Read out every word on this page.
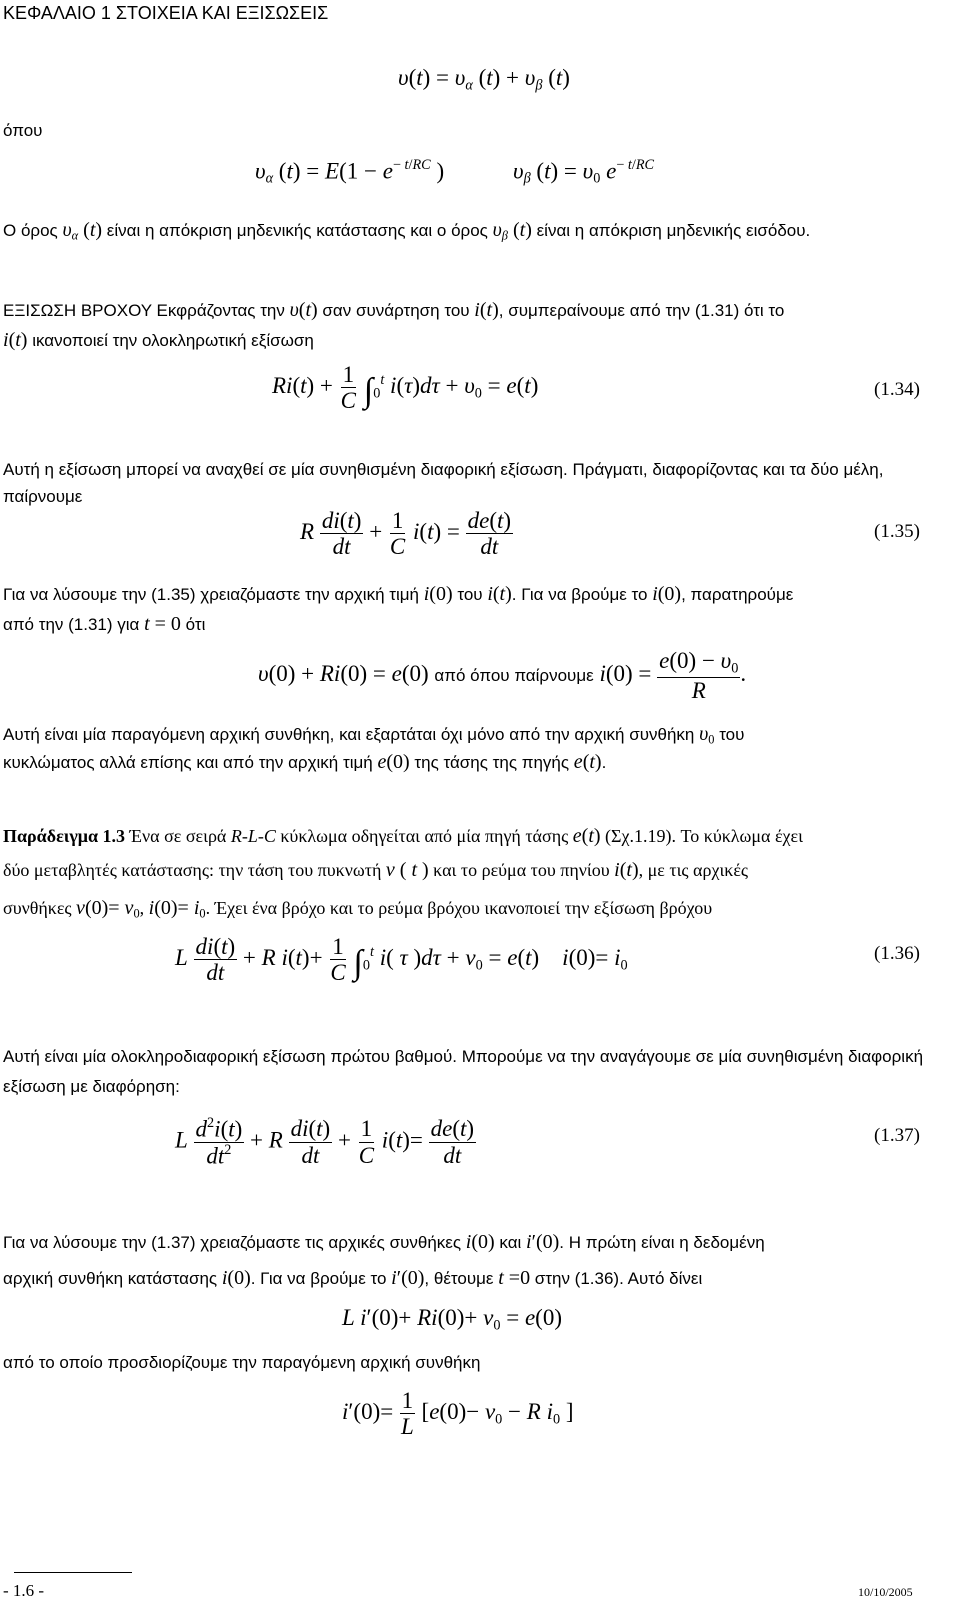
ΚΕΦΑΛΑΙΟ 1 ΣΤΟΙΧΕΙΑ ΚΑΙ ΕΞΙΣΩΣΕΙΣ
$\upsilon(t) = \upsilon_\alpha$ $(t) + \upsilon_\beta$ (t)
όπου
$\upsilon_\alpha$ $(t) = E(1 - e^{- t/RC}$ )	$\upsilon_\beta$ $(t) = \upsilon_0$ $e^{- t/RC}$
Ο όρος $\upsilon_\alpha$ (t) είναι η απόκριση μηδενικής κατάστασης και ο όρος $\upsilon_\beta$ (t) είναι η απόκριση μηδενικής εισόδου.
ΕΞΙΣΩΣΗ ΒΡΟΧΟΥ Εκφράζοντας την υ(t) σαν συνάρτηση του i(t), συμπεραίνουμε από την (1.31) ότι το
i(t) ικανοποιεί την ολοκληρωτική εξίσωση
$Ri(t) + \frac{1}{C} \int_0^t$ $i(\tau)d\tau + \upsilon_0 = e(t)$	(1.34)
Αυτή η εξίσωση μπορεί να αναχθεί σε μία συνηθισμένη διαφορική εξίσωση. Πράγματι, διαφορίζοντας και τα δύο μέλη, παίρνουμε
R $\frac{di(t)}{dt} + \frac{1}{C} i(t) = \frac{de(t)}{dt}$	(1.35)
Για να λύσουμε την (1.35) χρειαζόμαστε την αρχική τιμή i(0) του i(t). Για να βρούμε το i(0), παρατηρούμε
από την (1.31) για t = 0 ότι
υ(0) + Ri(0) = e(0) από όπου παίρνουμε $i(0) = \frac{e(0) - \upsilon_0}{R}$ .
Αυτή είναι μία παραγόμενη αρχική συνθήκη, και εξαρτάται όχι μόνο από την αρχική συνθήκη $\upsilon_0$ του
κυκλώματος αλλά επίσης και από την αρχική τιμή e(0) της τάσης της πηγής e(t).
Παράδειγμα 1.3 Ένα σε σειρά R-L-C κύκλωμα οδηγείται από μία πηγή τάσης e(t) (Σχ.1.19). Το κύκλωμα έχει
δύο μεταβλητές κατάστασης: την τάση του πυκνωτή v ( t ) και το ρεύμα του πηνίου i(t), με τις αρχικές
συνθήκες $v(0)= v_0$, $i(0)= i_0$. Έχει ένα βρόχο και το ρεύμα βρόχου ικανοποιεί την εξίσωση βρόχου
L $\frac{di(t)}{dt} + R$ $i(t)+ \frac{1}{C} \int_0^t$ i( τ )$d\tau + v_0 = e(t)$    $i(0)= i_0$
(1.36)
Αυτή είναι μία ολοκληροδιαφορική εξίσωση πρώτου βαθμού. Μπορούμε να την αναγάγουμε σε μία συνηθισμένη διαφορική εξίσωση με διαφόρηση:
L $\frac{d^2i(t)}{dt^2} + R \frac{di(t)}{dt} + \frac{1}{C} i(t)= \frac{de(t)}{dt}$	(1.37)
Για να λύσουμε την (1.37) χρειαζόμαστε τις αρχικές συνθήκες i(0) και i′(0). Η πρώτη είναι η δεδομένη
αρχική συνθήκη κατάστασης i(0). Για να βρούμε το i′(0), θέτουμε t =0 στην (1.36). Αυτό δίνει
L $i'(0)+ Ri(0)+ v_0 = e(0)$
από το οποίο προσδιορίζουμε την παραγόμενη αρχική συνθήκη
$i'(0)= \frac{1}{L} [e(0)- v_0 - R$ $i_0$ ]
- 1.6 -	10/10/2005
